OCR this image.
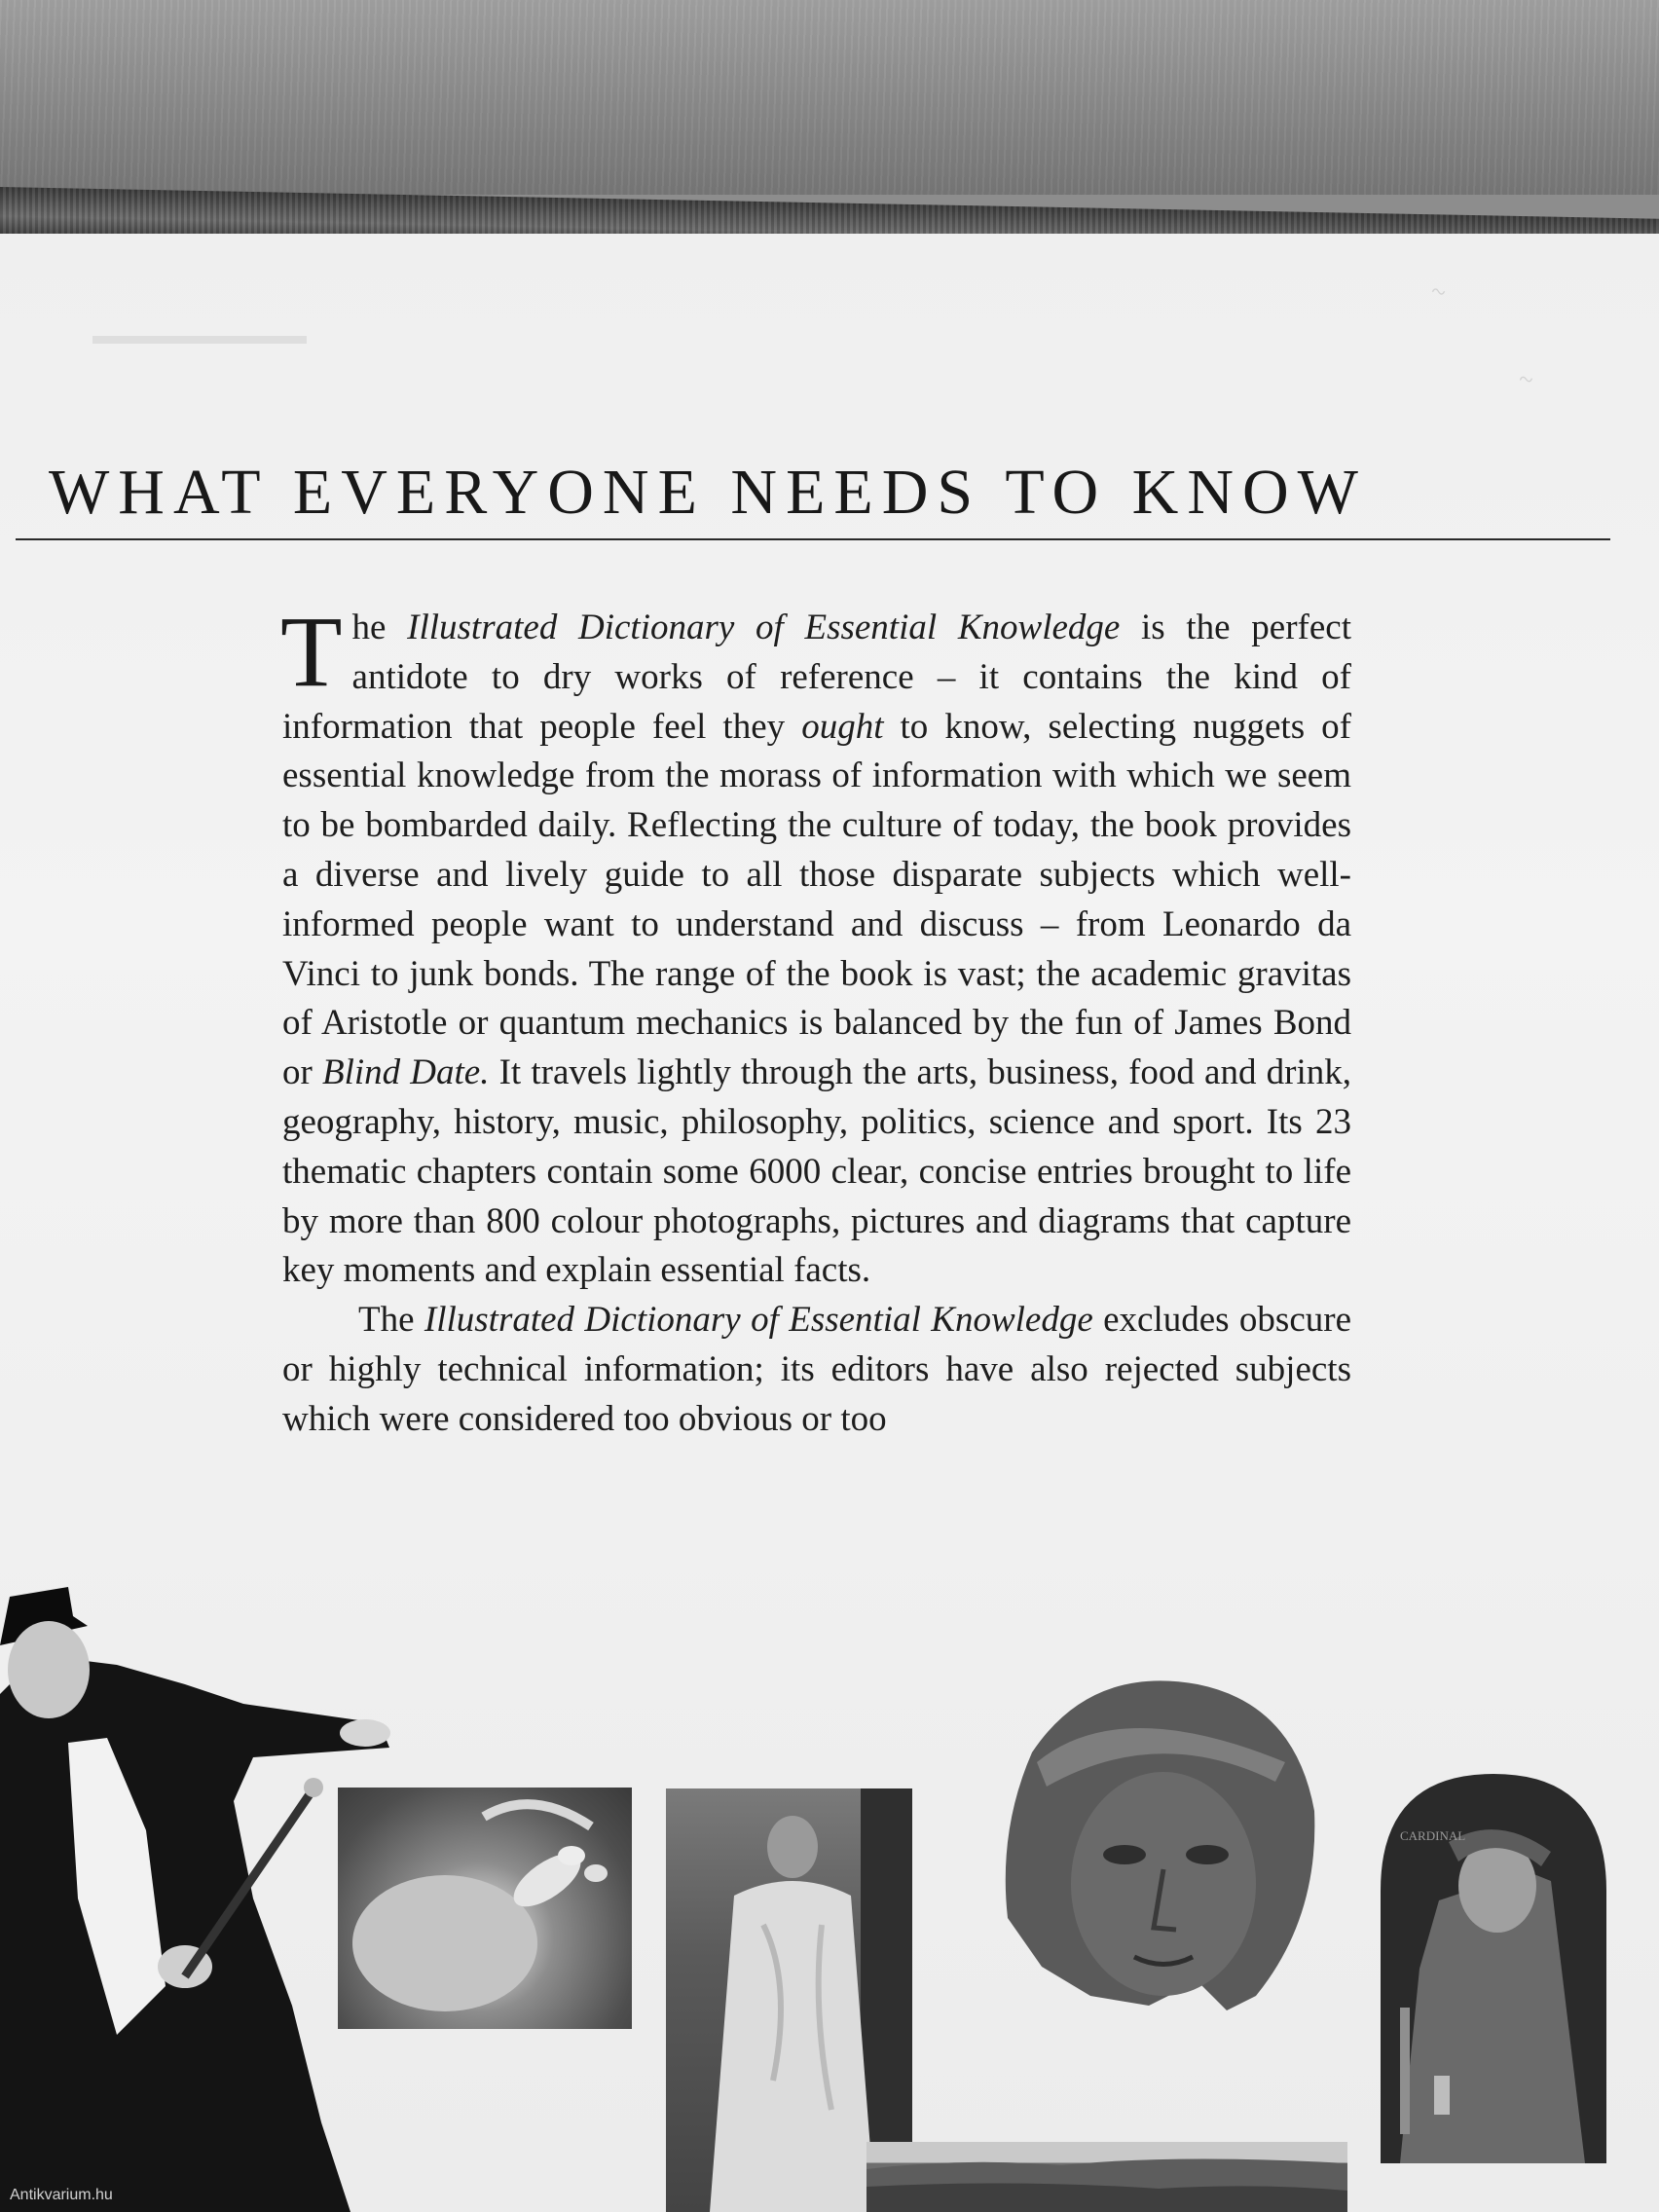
~
~
WHAT EVERYONE NEEDS TO KNOW

The Illustrated Dictionary of Essential Knowledge is the perfect antidote to dry works of reference – it contains the kind of information that people feel they ought to know, selecting nuggets of essential knowledge from the morass of information with which we seem to be bombarded daily. Reflecting the culture of today, the book provides a diverse and lively guide to all those disparate subjects which well-informed people want to understand and discuss – from Leonardo da Vinci to junk bonds. The range of the book is vast; the academic gravitas of Aristotle or quantum mechanics is balanced by the fun of James Bond or Blind Date. It travels lightly through the arts, business, food and drink, geography, history, music, philosophy, politics, science and sport. Its 23 thematic chapters contain some 6000 clear, concise entries brought to life by more than 800 colour photographs, pictures and diagrams that capture key moments and explain essential facts.

The Illustrated Dictionary of Essential Knowledge excludes obscure or highly technical information; its editors have also rejected subjects which were considered too obvious or too

CARDINAL
Antikvarium.hu
